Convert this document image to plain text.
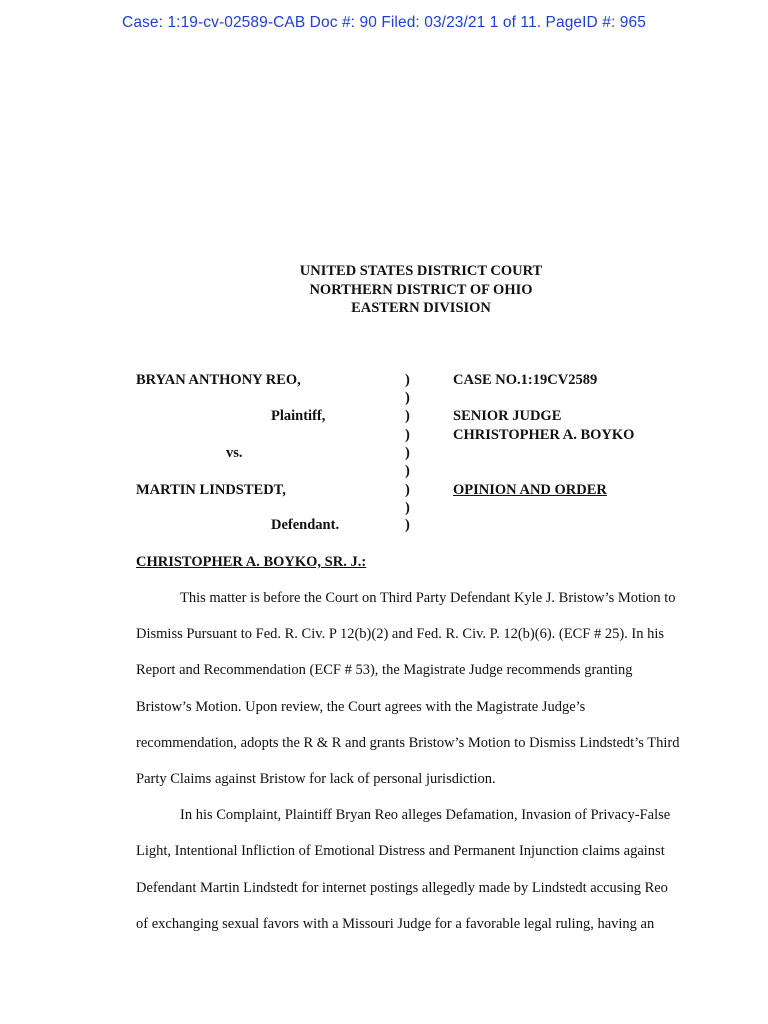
Case: 1:19-cv-02589-CAB Doc #: 90 Filed: 03/23/21 1 of 11. PageID #: 965
UNITED STATES DISTRICT COURT
NORTHERN DISTRICT OF OHIO
EASTERN DIVISION
BRYAN ANTHONY REO,
Plaintiff,
vs.
MARTIN LINDSTEDT,
Defendant.
)
)
)
)
)
)
)
)
)
CASE NO.1:19CV2589
SENIOR JUDGE
CHRISTOPHER A. BOYKO
OPINION AND ORDER
CHRISTOPHER A. BOYKO, SR. J.:

This matter is before the Court on Third Party Defendant Kyle J. Bristow’s Motion to

Dismiss Pursuant to Fed. R. Civ. P 12(b)(2) and Fed. R. Civ. P. 12(b)(6). (ECF # 25). In his

Report and Recommendation (ECF # 53), the Magistrate Judge recommends granting

Bristow’s Motion. Upon review, the Court agrees with the Magistrate Judge’s

recommendation, adopts the R & R and grants Bristow’s Motion to Dismiss Lindstedt’s Third

Party Claims against Bristow for lack of personal jurisdiction.

In his Complaint, Plaintiff Bryan Reo alleges Defamation, Invasion of Privacy-False

Light, Intentional Infliction of Emotional Distress and Permanent Injunction claims against

Defendant Martin Lindstedt for internet postings allegedly made by Lindstedt accusing Reo

of exchanging sexual favors with a Missouri Judge for a favorable legal ruling, having an
